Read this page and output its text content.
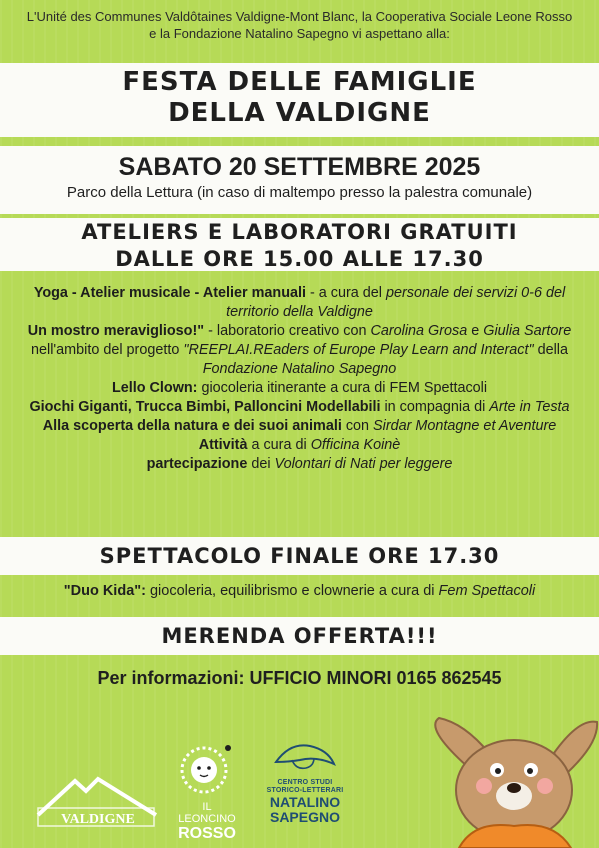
L'Unité des Communes Valdôtaines Valdigne-Mont Blanc, la Cooperativa Sociale Leone Rosso
e la Fondazione Natalino Sapegno vi aspettano alla:
FESTA DELLE FAMIGLIE
DELLA VALDIGNE
SABATO 20 SETTEMBRE 2025
Parco della Lettura (in caso di maltempo presso la palestra comunale)
ATELIERS E LABORATORI GRATUITI
DALLE ORE 15.00 ALLE 17.30
Yoga - Atelier musicale - Atelier manuali - a cura del personale dei servizi 0-6 del territorio della Valdigne
Un mostro meraviglioso!" - laboratorio creativo con Carolina Grosa e Giulia Sartore nell'ambito del progetto "REEPLAI.REaders of Europe Play Learn and Interact" della Fondazione Natalino Sapegno
Lello Clown: giocoleria itinerante a cura di FEM Spettacoli
Giochi Giganti, Trucca Bimbi, Palloncini Modellabili in compagnia di Arte in Testa
Alla scoperta della natura e dei suoi animali con Sirdar Montagne et Aventure
Attività a cura di Officina Koinè
partecipazione dei Volontari di Nati per leggere
SPETTACOLO FINALE ORE 17.30
"Duo Kida": giocoleria, equilibrismo e clownerie a cura di Fem Spettacoli
MERENDA OFFERTA!!!
Per informazioni: UFFICIO MINORI 0165 862545
VALDIGNE
IL LEONCINO
ROSSO
CENTRO STUDI
STORICO-LETTERARI
NATALINO
SAPEGNO
